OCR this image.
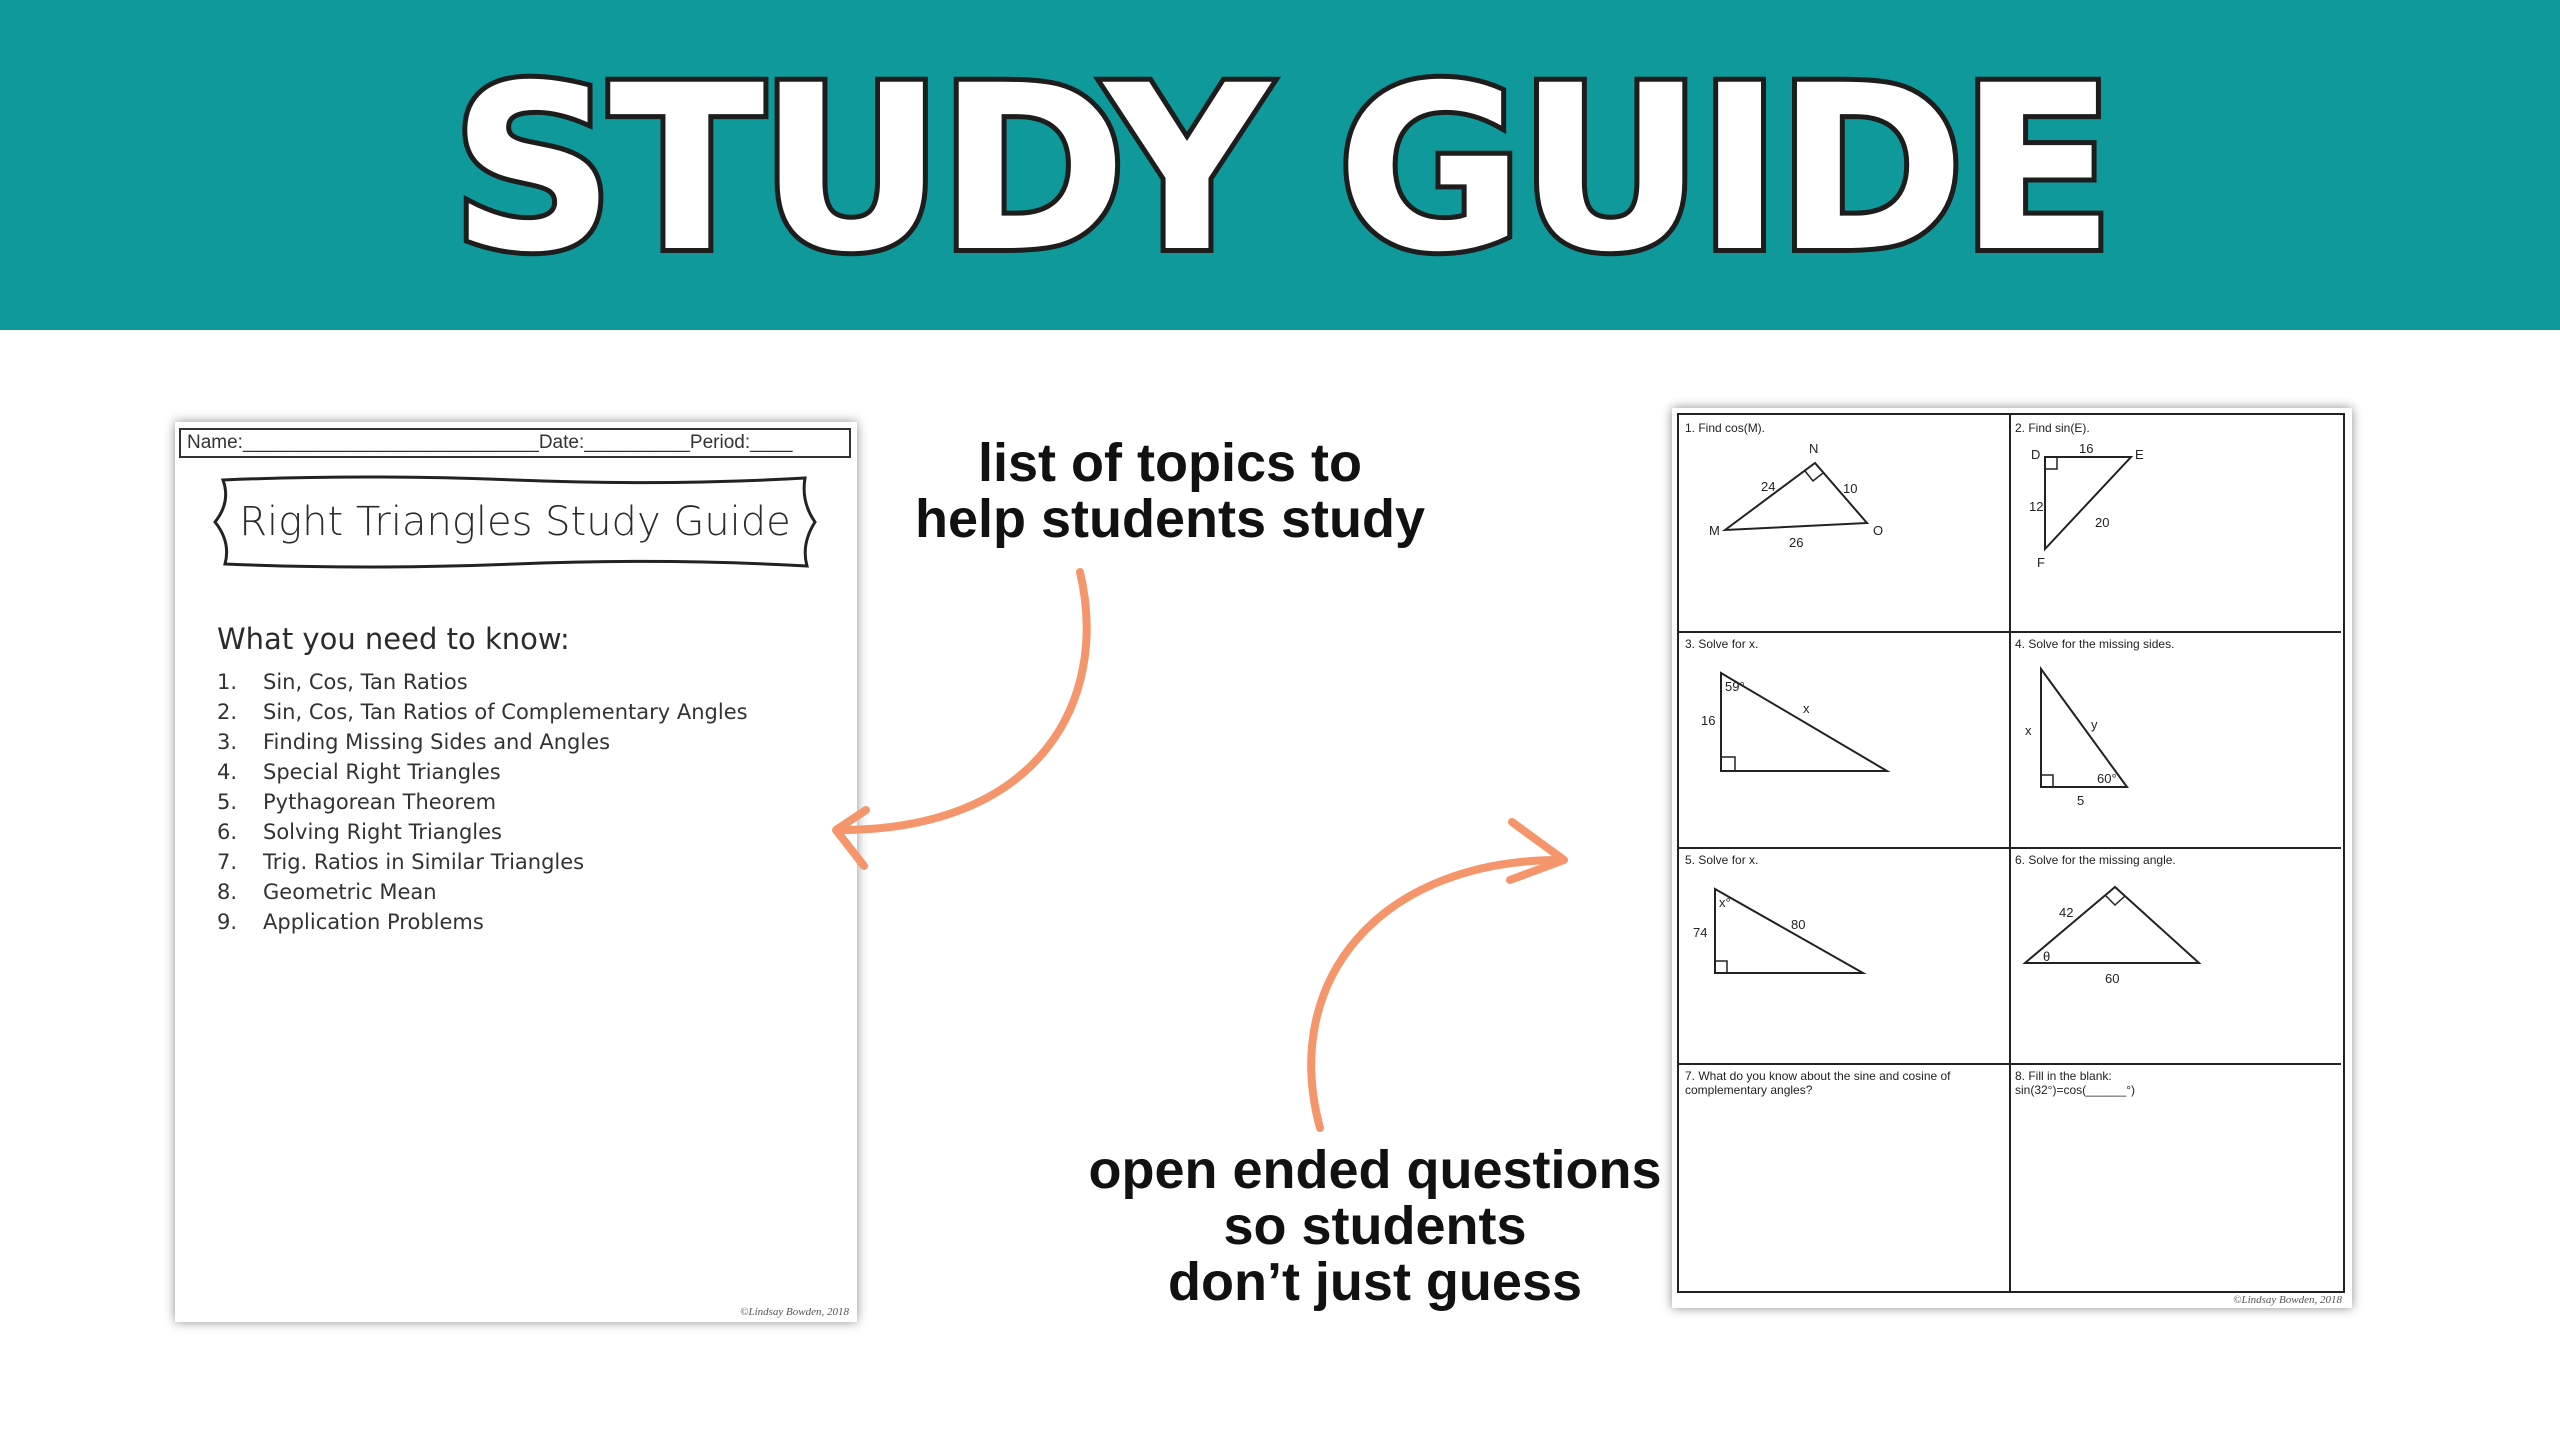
STUDY GUIDE
Name:____________________________Date:__________Period:____
Right Triangles Study Guide
What you need to know:
1.	Sin, Cos, Tan Ratios
2.	Sin, Cos, Tan Ratios of Complementary Angles
3.	Finding Missing Sides and Angles
4.	Special Right Triangles
5.	Pythagorean Theorem
6.	Solving Right Triangles
7.	Trig. Ratios in Similar Triangles
8.	Geometric Mean
9.	Application Problems
©Lindsay Bowden, 2018
1. Find cos(M).
N
M	O
24	10
26
2. Find sin(E).
D	E
F
16
12
20
3. Solve for x.
59°
16
x
4. Solve for the missing sides.
x	y
60°
5
5. Solve for x.
x°
74
80
6. Solve for the missing angle.
42
60
θ
7. What do you know about the sine and cosine of
complementary angles?
8. Fill in the blank:
sin(32°)=cos(______°)
©Lindsay Bowden, 2018
list of topics to
help students study
open ended questions
so students
don’t just guess
